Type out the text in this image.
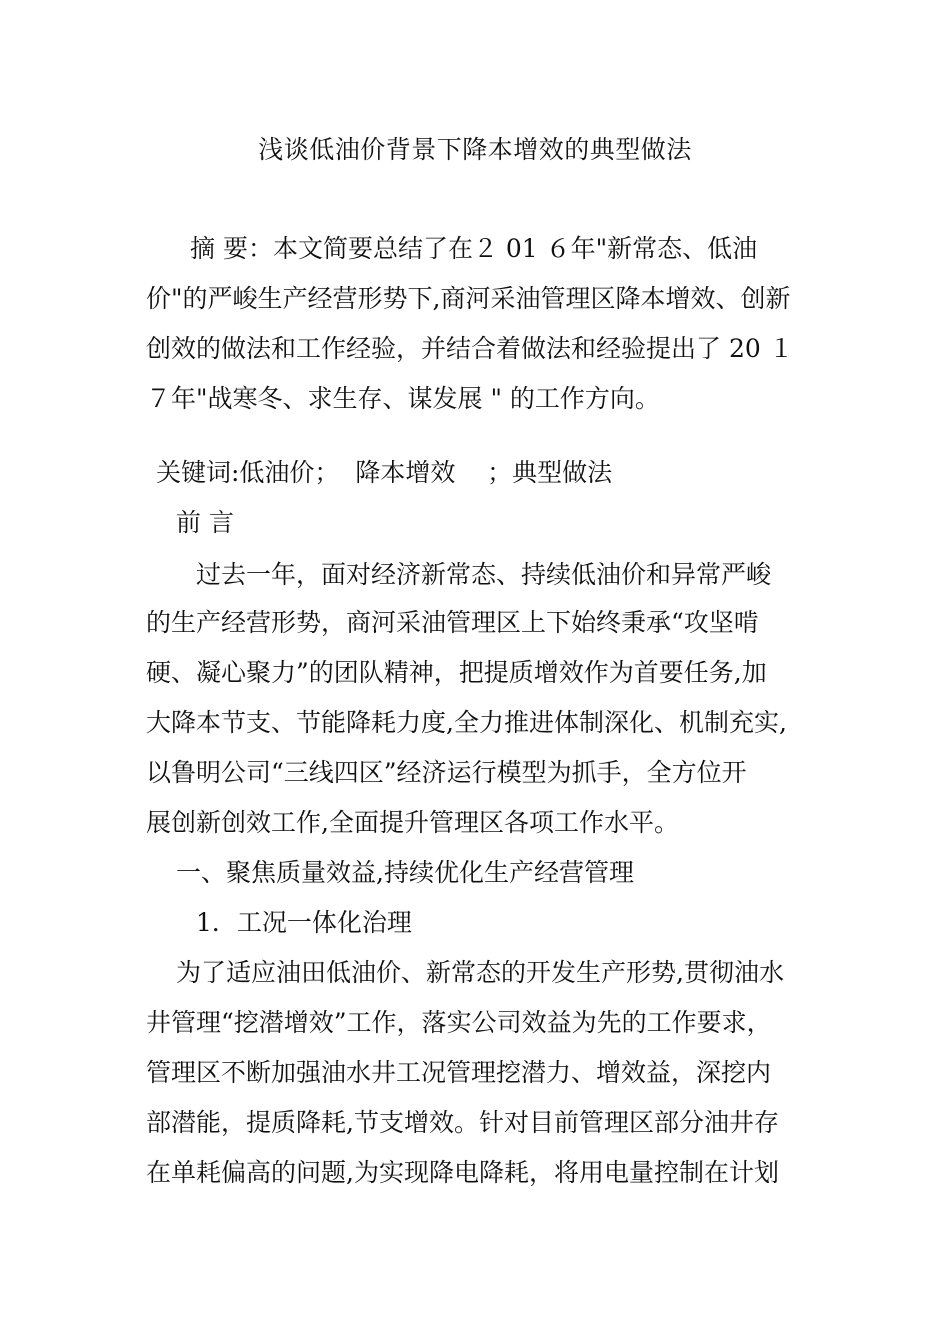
浅谈低油价背景下降本增效的典型做法
摘 要：本文简要总结了在２ 01 ６年"新常态、低油
价"的严峻生产经营形势下,商河采油管理区降本增效、创新
创效的做法和工作经验，并结合着做法和经验提出了 20 １
７年"战寒冬、求生存、谋发展 " 的工作方向。
关键词:低油价；  降本增效    ；典型做法
前 言
过去一年，面对经济新常态、持续低油价和异常严峻
的生产经营形势，商河采油管理区上下始终秉承“攻坚啃
硬、凝心聚力”的团队精神，把提质增效作为首要任务,加
大降本节支、节能降耗力度,全力推进体制深化、机制充实,
以鲁明公司“三线四区”经济运行模型为抓手，全方位开
展创新创效工作,全面提升管理区各项工作水平。
一、聚焦质量效益,持续优化生产经营管理
1．工况一体化治理
为了适应油田低油价、新常态的开发生产形势,贯彻油水
井管理“挖潜增效”工作，落实公司效益为先的工作要求，
管理区不断加强油水井工况管理挖潜力、增效益，深挖内
部潜能，提质降耗,节支增效。针对目前管理区部分油井存
在单耗偏高的问题,为实现降电降耗，将用电量控制在计划
